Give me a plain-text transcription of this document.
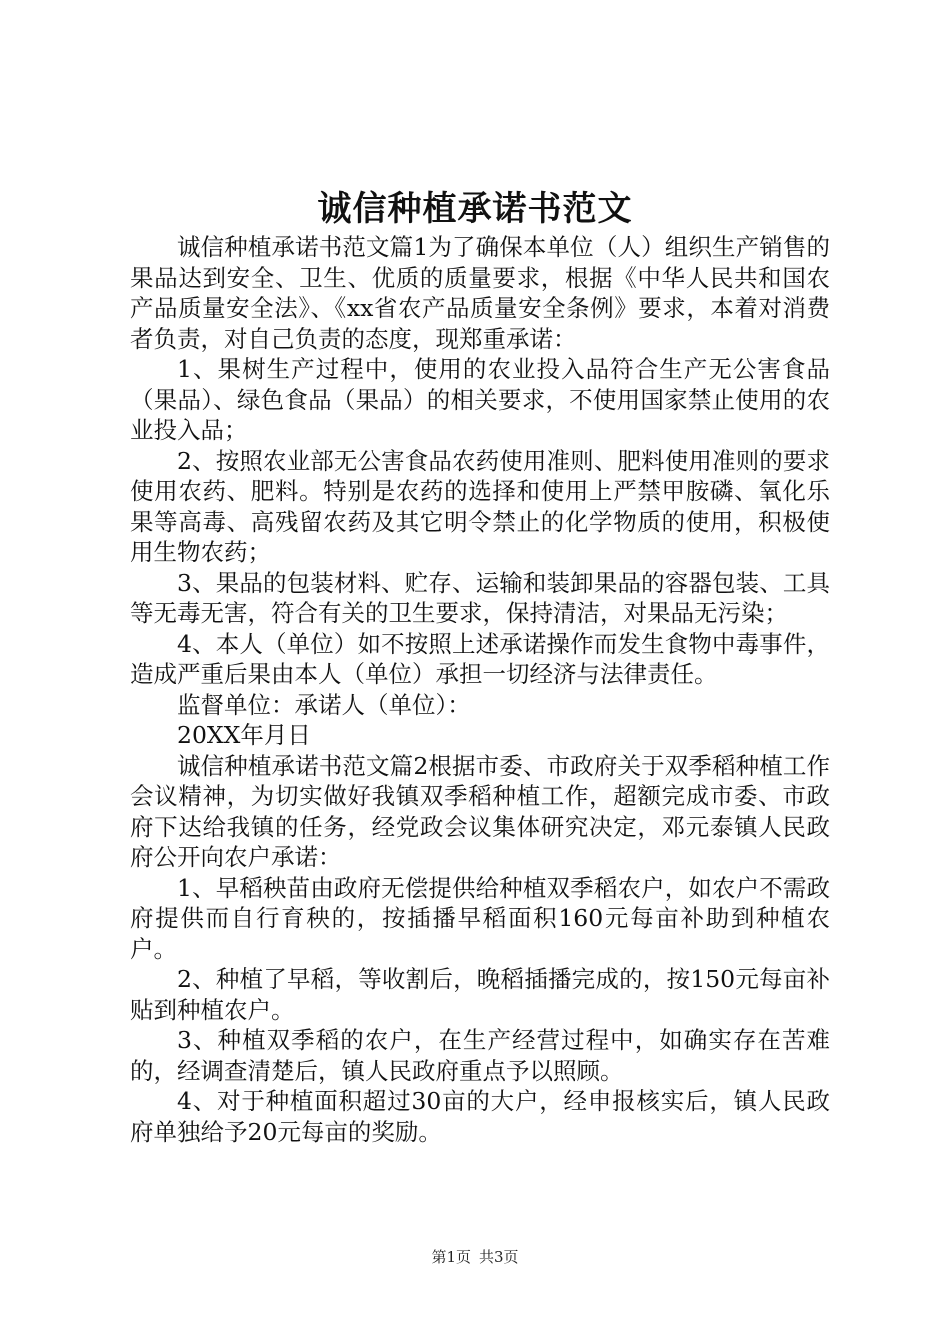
诚信种植承诺书范文

诚信种植承诺书范文篇1为了确保本单位（人）组织生产销售的果品达到安全、卫生、优质的质量要求，根据《中华人民共和国农产品质量安全法》、《xx省农产品质量安全条例》要求，本着对消费者负责，对自己负责的态度，现郑重承诺：

1、果树生产过程中，使用的农业投入品符合生产无公害食品（果品）、绿色食品（果品）的相关要求，不使用国家禁止使用的农业投入品；

2、按照农业部无公害食品农药使用准则、肥料使用准则的要求使用农药、肥料。特别是农药的选择和使用上严禁甲胺磷、氧化乐果等高毒、高残留农药及其它明令禁止的化学物质的使用，积极使用生物农药；

3、果品的包装材料、贮存、运输和装卸果品的容器包装、工具等无毒无害，符合有关的卫生要求，保持清洁，对果品无污染；

4、本人（单位）如不按照上述承诺操作而发生食物中毒事件，造成严重后果由本人（单位）承担一切经济与法律责任。

监督单位：承诺人（单位）：

20XX年月日

诚信种植承诺书范文篇2根据市委、市政府关于双季稻种植工作会议精神，为切实做好我镇双季稻种植工作，超额完成市委、市政府下达给我镇的任务，经党政会议集体研究决定，邓元泰镇人民政府公开向农户承诺：

1、早稻秧苗由政府无偿提供给种植双季稻农户，如农户不需政府提供而自行育秧的，按插播早稻面积160元每亩补助到种植农户。

2、种植了早稻，等收割后，晚稻插播完成的，按150元每亩补贴到种植农户。

3、种植双季稻的农户，在生产经营过程中，如确实存在苦难的，经调查清楚后，镇人民政府重点予以照顾。

4、对于种植面积超过30亩的大户，经申报核实后，镇人民政府单独给予20元每亩的奖励。

第1页 共3页
